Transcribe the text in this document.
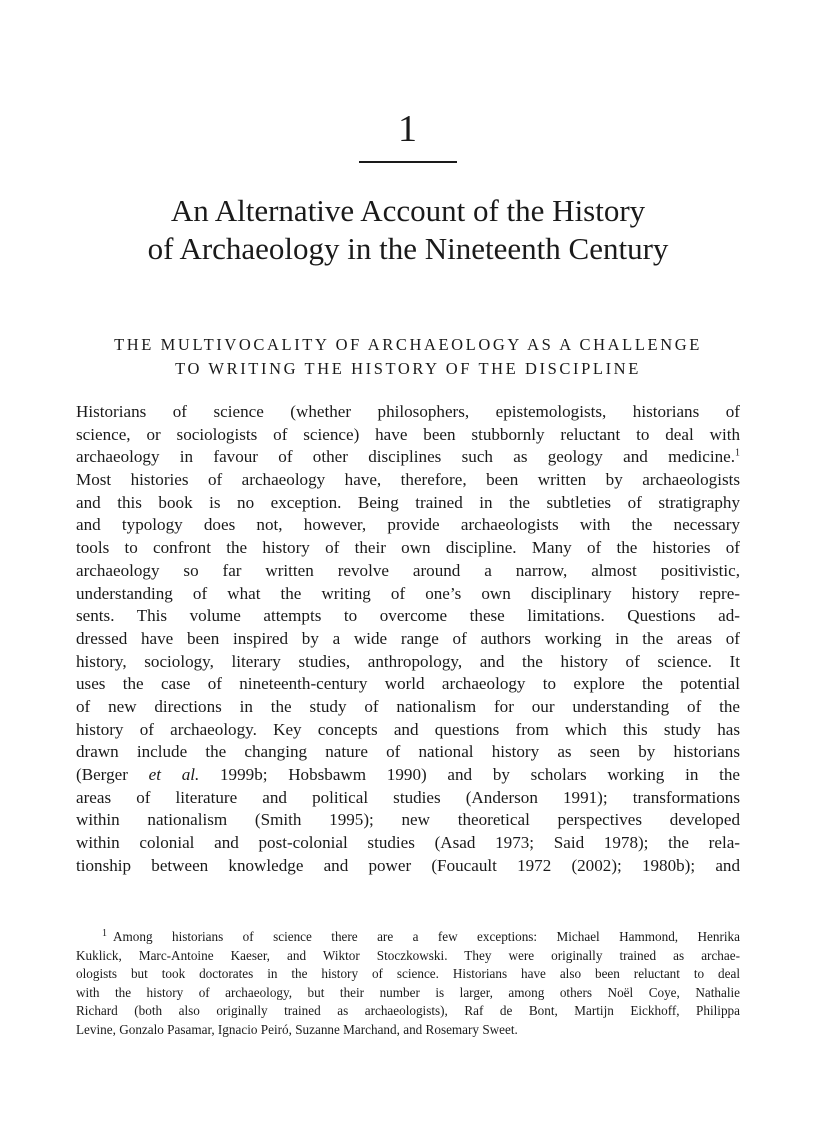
1
An Alternative Account of the History
of Archaeology in the Nineteenth Century
THE MULTIVOCALITY OF ARCHAEOLOGY AS A CHALLENGE
TO WRITING THE HISTORY OF THE DISCIPLINE
Historians of science (whether philosophers, epistemologists, historians of
science, or sociologists of science) have been stubbornly reluctant to deal with
archaeology in favour of other disciplines such as geology and medicine.$^1$
Most histories of archaeology have, therefore, been written by archaeologists
and this book is no exception. Being trained in the subtleties of stratigraphy
and typology does not, however, provide archaeologists with the necessary
tools to confront the history of their own discipline. Many of the histories of
archaeology so far written revolve around a narrow, almost positivistic,
understanding of what the writing of one’s own disciplinary history repre-
sents. This volume attempts to overcome these limitations. Questions ad-
dressed have been inspired by a wide range of authors working in the areas of
history, sociology, literary studies, anthropology, and the history of science. It
uses the case of nineteenth-century world archaeology to explore the potential
of new directions in the study of nationalism for our understanding of the
history of archaeology. Key concepts and questions from which this study has
drawn include the changing nature of national history as seen by historians
(Berger et al. 1999b; Hobsbawm 1990) and by scholars working in the
areas of literature and political studies (Anderson 1991); transformations
within nationalism (Smith 1995); new theoretical perspectives developed
within colonial and post-colonial studies (Asad 1973; Said 1978); the rela-
tionship between knowledge and power (Foucault 1972 (2002); 1980b); and
$^1$ Among historians of science there are a few exceptions: Michael Hammond, Henrika
Kuklick, Marc-Antoine Kaeser, and Wiktor Stoczkowski. They were originally trained as archae-
ologists but took doctorates in the history of science. Historians have also been reluctant to deal
with the history of archaeology, but their number is larger, among others Noël Coye, Nathalie
Richard (both also originally trained as archaeologists), Raf de Bont, Martijn Eickhoff, Philippa
Levine, Gonzalo Pasamar, Ignacio Peiró, Suzanne Marchand, and Rosemary Sweet.
